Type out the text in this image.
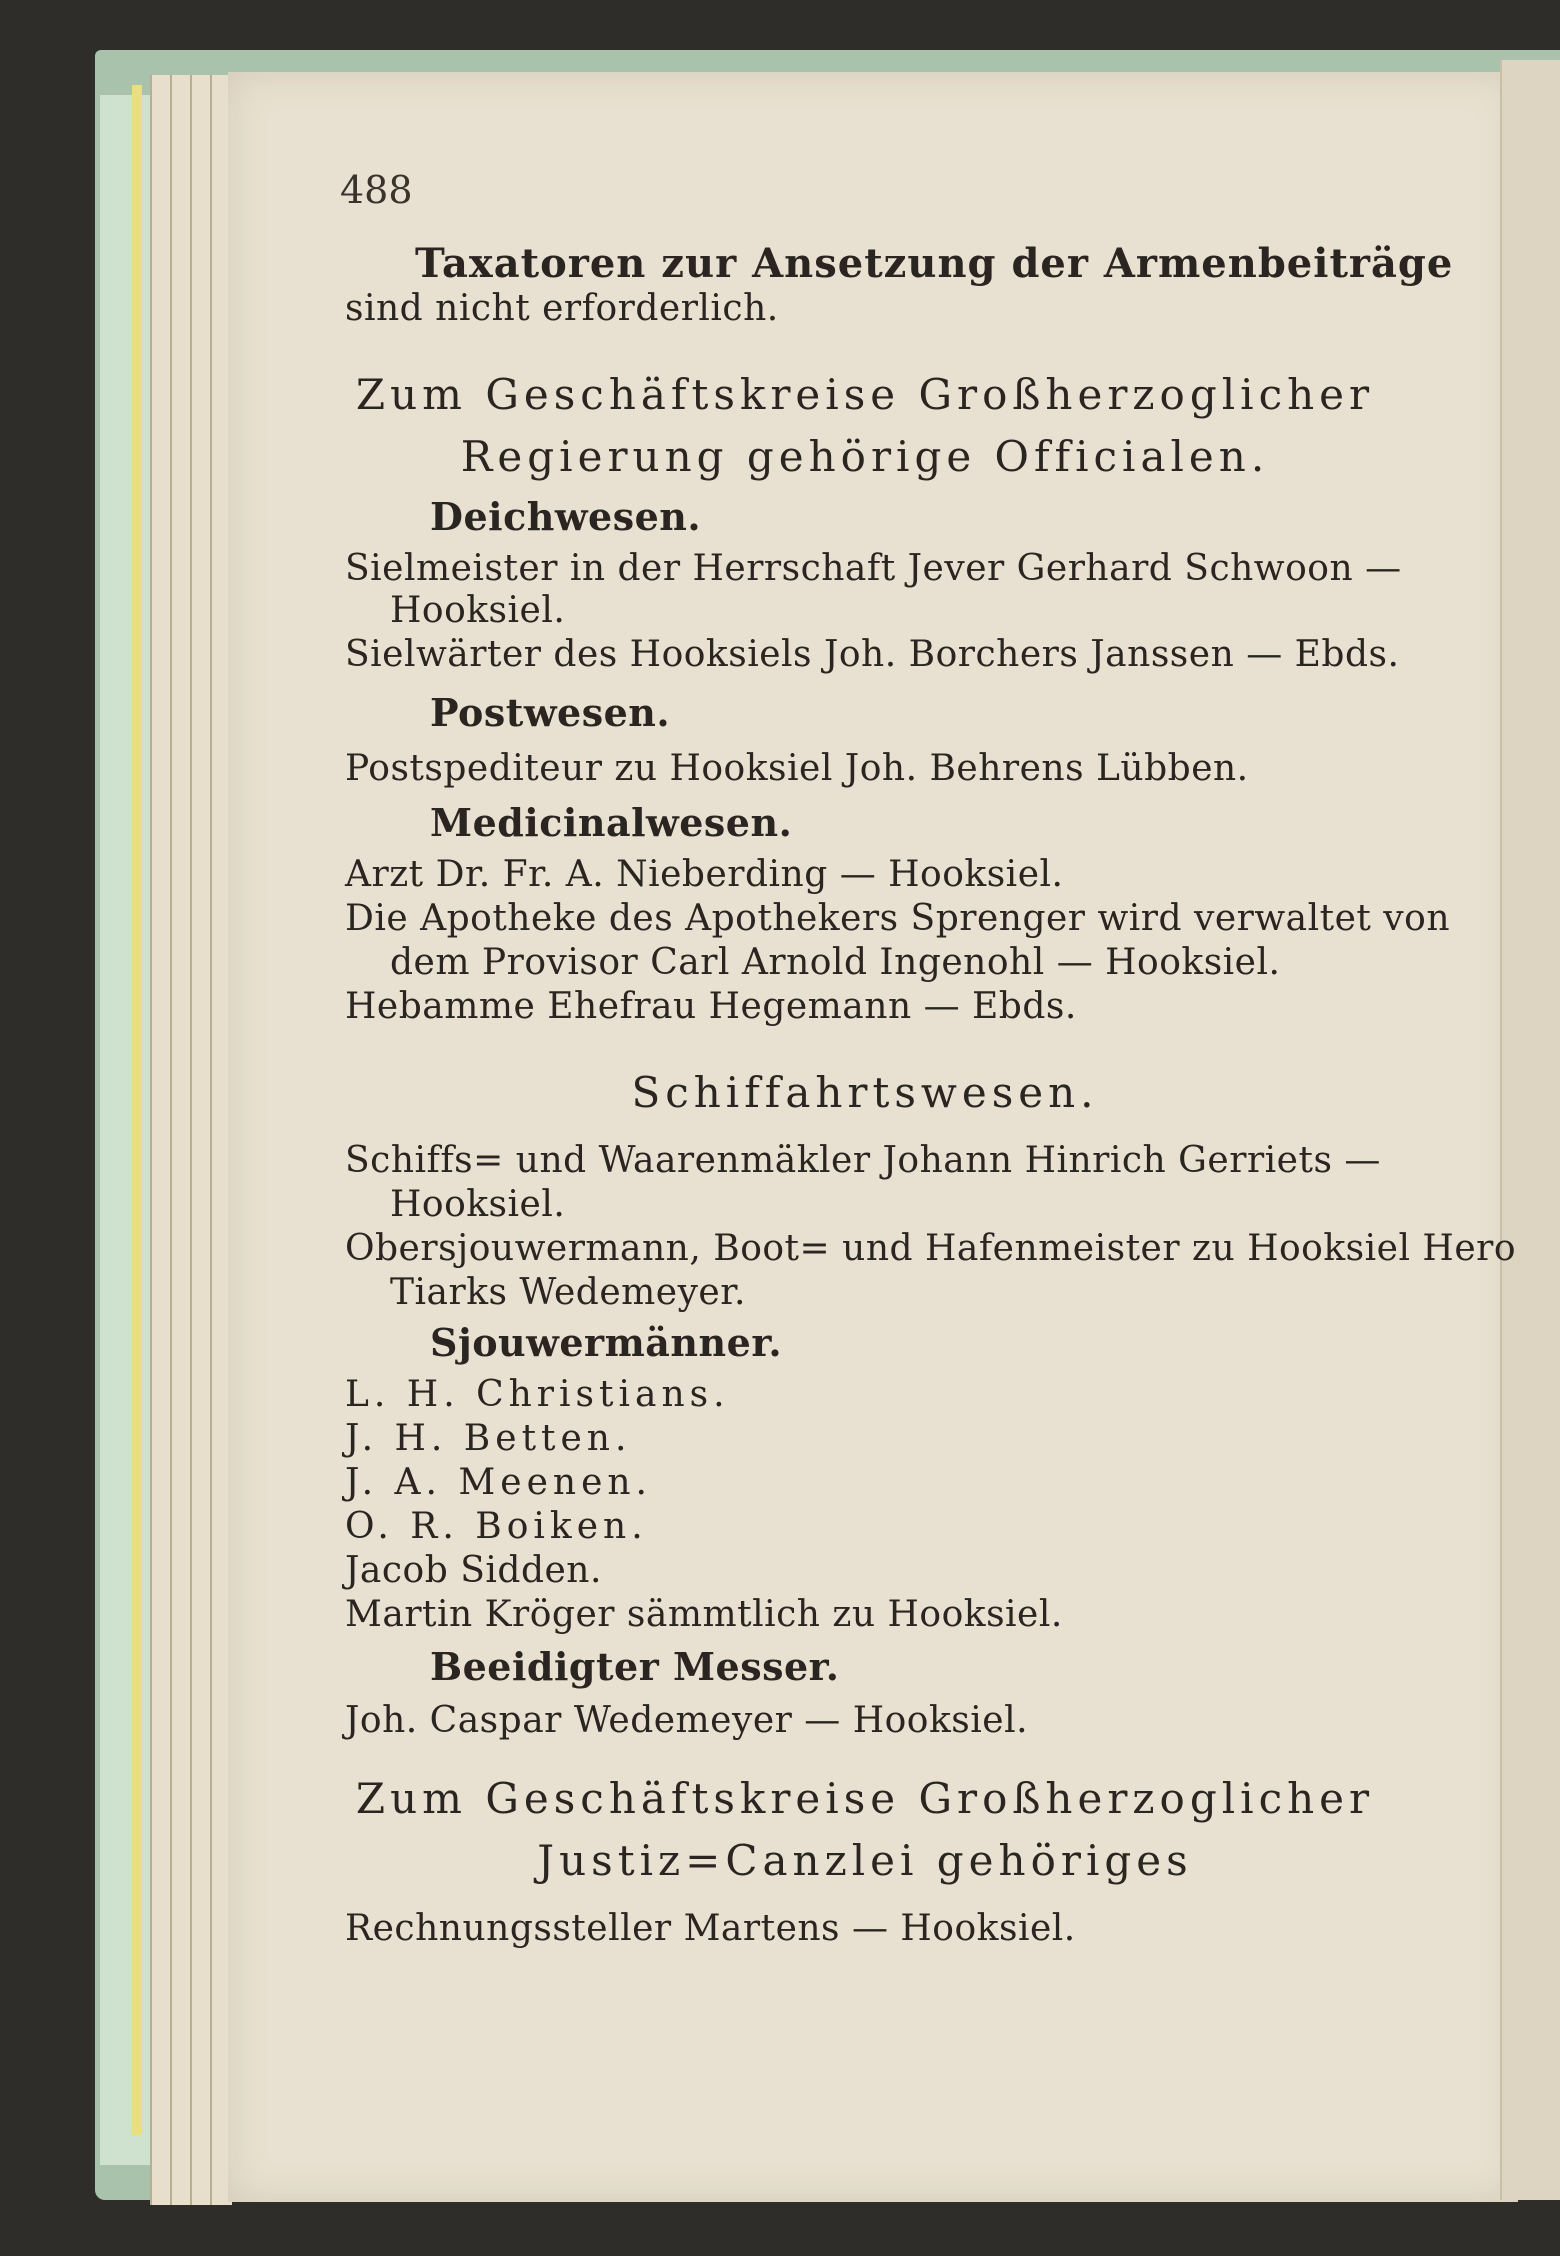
488
Taxatoren zur Ansetzung der Armenbeiträge
sind nicht erforderlich.
Zum Geschäftskreise Großherzoglicher
Regierung gehörige Officialen.
Deichwesen.
Sielmeister in der Herrschaft Jever Gerhard Schwoon —
Hooksiel.
Sielwärter des Hooksiels Joh. Borchers Janssen — Ebds.
Postwesen.
Postspediteur zu Hooksiel Joh. Behrens Lübben.
Medicinalwesen.
Arzt Dr. Fr. A. Nieberding — Hooksiel.
Die Apotheke des Apothekers Sprenger wird verwaltet von
dem Provisor Carl Arnold Ingenohl — Hooksiel.
Hebamme Ehefrau Hegemann — Ebds.
Schiffahrtswesen.
Schiffs= und Waarenmäkler Johann Hinrich Gerriets —
Hooksiel.
Obersjouwermann, Boot= und Hafenmeister zu Hooksiel Hero
Tiarks Wedemeyer.
Sjouwermänner.
L. H. Christians.
J. H. Betten.
J. A. Meenen.
O. R. Boiken.
Jacob Sidden.
Martin Kröger sämmtlich zu Hooksiel.
Beeidigter Messer.
Joh. Caspar Wedemeyer — Hooksiel.
Zum Geschäftskreise Großherzoglicher
Justiz=Canzlei gehöriges
Rechnungssteller Martens — Hooksiel.
